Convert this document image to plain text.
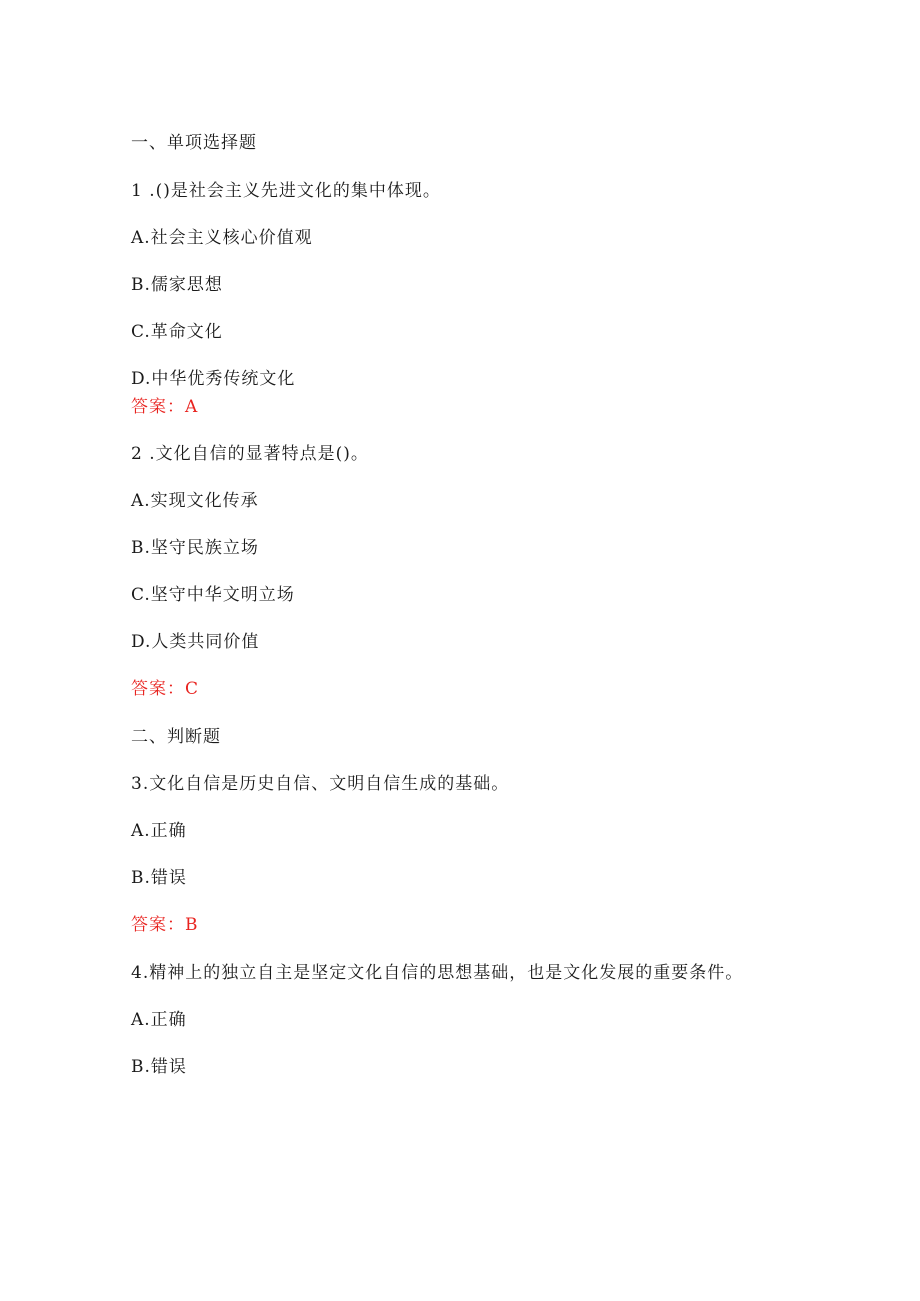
一、单项选择题
1 .()是社会主义先进文化的集中体现。
A.社会主义核心价值观
B.儒家思想
C.革命文化
D.中华优秀传统文化
答案：A
2 .文化自信的显著特点是()。
A.实现文化传承
B.坚守民族立场
C.坚守中华文明立场
D.人类共同价值
答案：C
二、判断题
3.文化自信是历史自信、文明自信生成的基础。
A.正确
B.错误
答案：B
4.精神上的独立自主是坚定文化自信的思想基础，也是文化发展的重要条件。
A.正确
B.错误
